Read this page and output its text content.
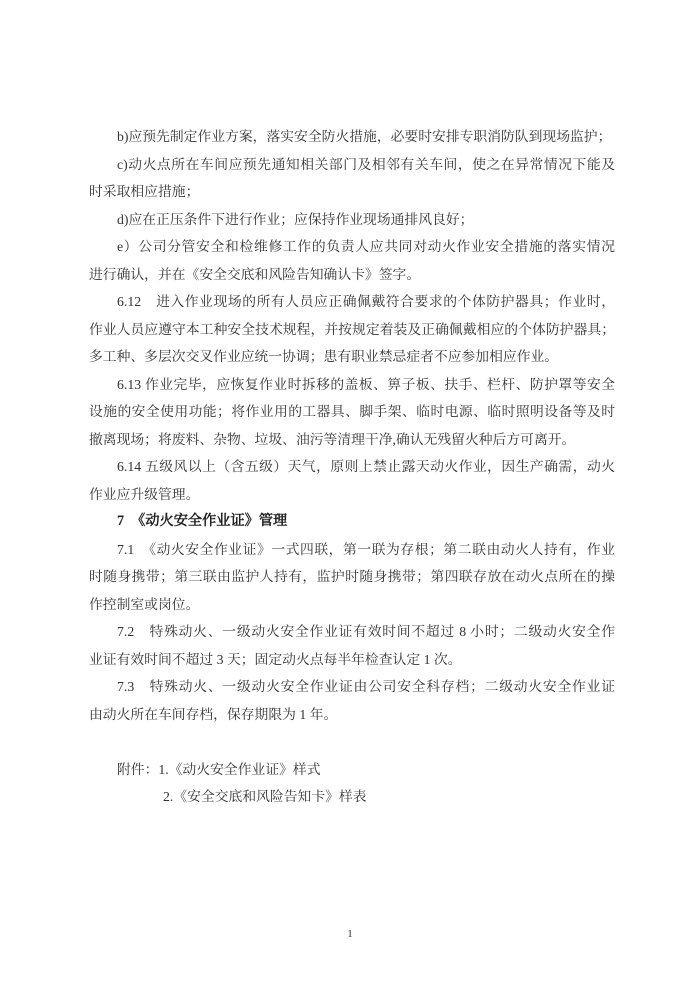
b)应预先制定作业方案，落实安全防火措施，必要时安排专职消防队到现场监护；
c)动火点所在车间应预先通知相关部门及相邻有关车间，使之在异常情况下能及
时采取相应措施；
d)应在正压条件下进行作业；应保持作业现场通排风良好；
e）公司分管安全和检维修工作的负责人应共同对动火作业安全措施的落实情况
进行确认，并在《安全交底和风险告知确认卡》签字。
6.12　进入作业现场的所有人员应正确佩戴符合要求的个体防护器具；作业时，
作业人员应遵守本工种安全技术规程，并按规定着装及正确佩戴相应的个体防护器具；
多工种、多层次交叉作业应统一协调；患有职业禁忌症者不应参加相应作业。
6.13 作业完毕，应恢复作业时拆移的盖板、箅子板、扶手、栏杆、防护罩等安全
设施的安全使用功能；将作业用的工器具、脚手架、临时电源、临时照明设备等及时
撤离现场；将废料、杂物、垃圾、油污等清理干净,确认无残留火种后方可离开。
6.14 五级风以上（含五级）天气，原则上禁止露天动火作业，因生产确需，动火
作业应升级管理。
7　《动火安全作业证》管理
7.1　《动火安全作业证》一式四联，第一联为存根；第二联由动火人持有，作业
时随身携带；第三联由监护人持有，监护时随身携带；第四联存放在动火点所在的操
作控制室或岗位。
7.2　特殊动火、一级动火安全作业证有效时间不超过 8 小时；二级动火安全作
业证有效时间不超过 3 天；固定动火点每半年检查认定 1 次。
7.3　特殊动火、一级动火安全作业证由公司安全科存档；二级动火安全作业证
由动火所在车间存档，保存期限为 1 年。
附件：1.《动火安全作业证》样式
2.《安全交底和风险告知卡》样表
1
